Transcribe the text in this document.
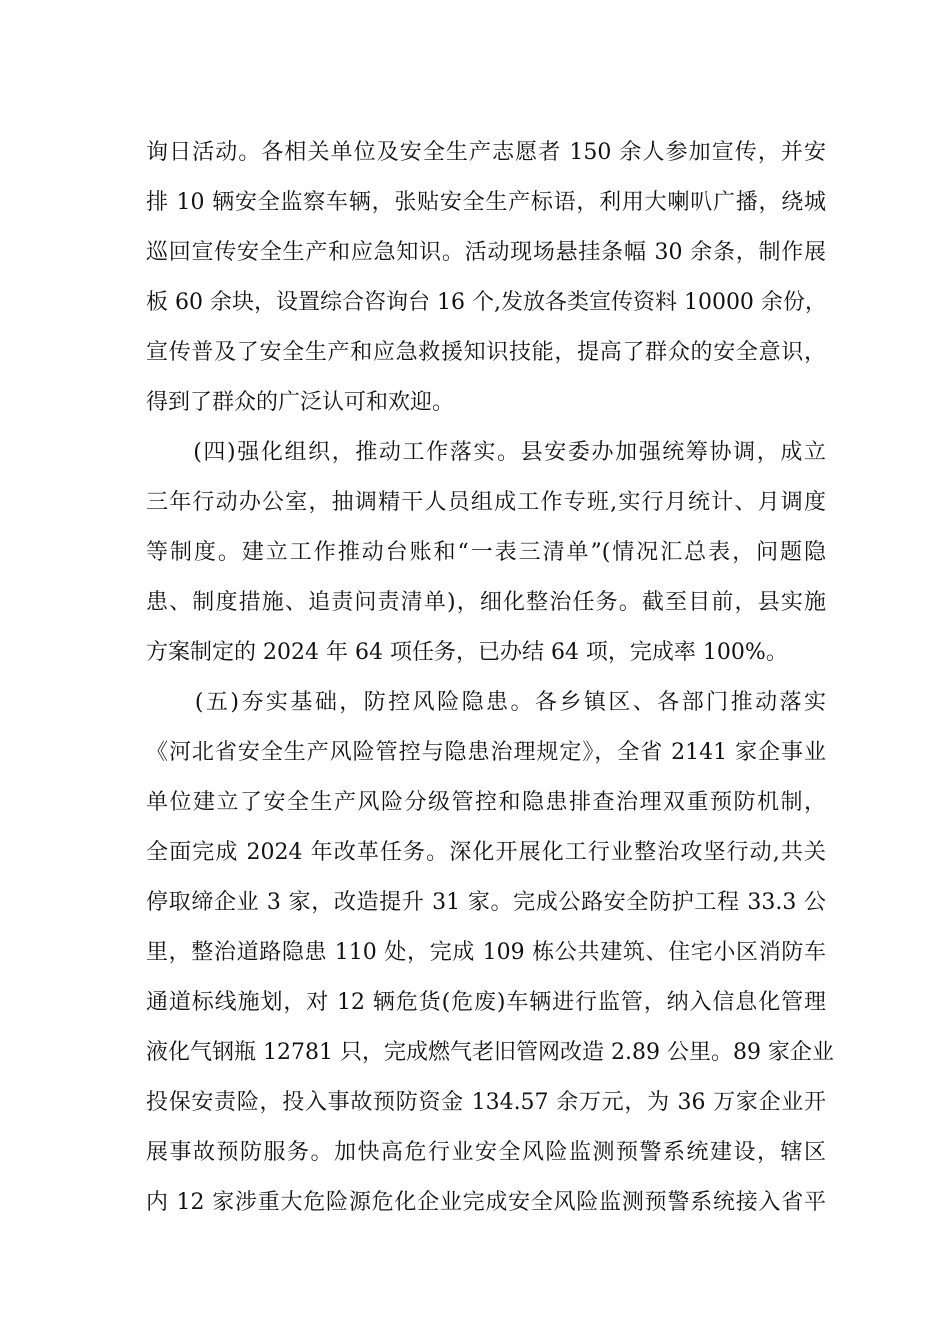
询日活动。各相关单位及安全生产志愿者 150 余人参加宣传，并安
排 10 辆安全监察车辆，张贴安全生产标语，利用大喇叭广播，绕城
巡回宣传安全生产和应急知识。活动现场悬挂条幅 30 余条，制作展
板 60 余块，设置综合咨询台 16 个,发放各类宣传资料 10000 余份，
宣传普及了安全生产和应急救援知识技能，提高了群众的安全意识，
得到了群众的广泛认可和欢迎。
　　(四)强化组织，推动工作落实。县安委办加强统筹协调，成立
三年行动办公室，抽调精干人员组成工作专班,实行月统计、月调度
等制度。建立工作推动台账和“一表三清单”(情况汇总表，问题隐
患、制度措施、追责问责清单)，细化整治任务。截至目前，县实施
方案制定的 2024 年 64 项任务，已办结 64 项，完成率 100%。
　　(五)夯实基础，防控风险隐患。各乡镇区、各部门推动落实
《河北省安全生产风险管控与隐患治理规定》，全省 2141 家企事业
单位建立了安全生产风险分级管控和隐患排查治理双重预防机制，
全面完成 2024 年改革任务。深化开展化工行业整治攻坚行动,共关
停取缔企业 3 家，改造提升 31 家。完成公路安全防护工程 33.3 公
里，整治道路隐患 110 处，完成 109 栋公共建筑、住宅小区消防车
通道标线施划，对 12 辆危货(危废)车辆进行监管，纳入信息化管理
液化气钢瓶 12781 只，完成燃气老旧管网改造 2.89 公里。89 家企业
投保安责险，投入事故预防资金 134.57 余万元，为 36 万家企业开
展事故预防服务。加快高危行业安全风险监测预警系统建设，辖区
内 12 家涉重大危险源危化企业完成安全风险监测预警系统接入省平
